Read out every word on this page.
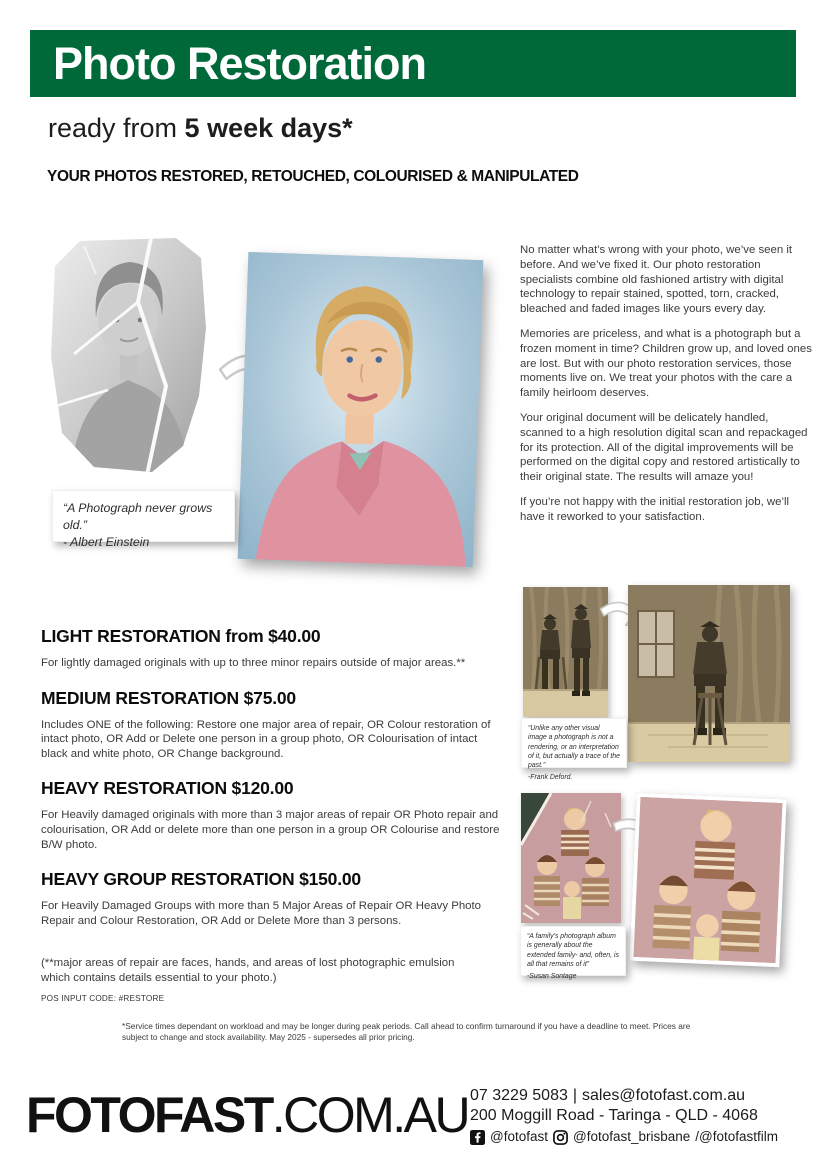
Photo Restoration
ready from 5 week days*
YOUR PHOTOS RESTORED, RETOUCHED, COLOURISED & MANIPULATED
“A Photograph never grows old.”
- Albert Einstein

No matter what’s wrong with your photo, we’ve seen it before. And we’ve fixed it. Our photo restoration specialists combine old fashioned artistry with digital technology to repair stained, spotted, torn, cracked, bleached and faded images like yours every day.

Memories are priceless, and what is a photograph but a frozen moment in time? Children grow up, and loved ones are lost. But with our photo restoration services, those moments live on. We treat your photos with the care a family heirloom deserves.

Your original document will be delicately handled, scanned to a high resolution digital scan and repackaged for its protection. All of the digital improvements will be performed on the digital copy and restored artistically to their original state. The results will amaze you!

If you’re not happy with the initial restoration job, we’ll have it reworked to your satisfaction.

LIGHT RESTORATION from $40.00
For lightly damaged originals with up to three minor repairs outside of major areas.**
MEDIUM RESTORATION $75.00
Includes ONE of the following: Restore one major area of repair, OR Colour restoration of intact photo, OR Add or Delete one person in a group photo, OR Colourisation of intact black and white photo, OR Change background.
HEAVY RESTORATION $120.00
For Heavily damaged originals with more than 3 major areas of repair OR Photo repair and colourisation, OR Add or delete more than one person in a group OR Colourise and restore B/W photo.
HEAVY GROUP RESTORATION $150.00
For Heavily Damaged Groups with more than 5 Major Areas of Repair OR Heavy Photo Repair and Colour Restoration, OR Add or Delete More than 3 persons.
(**major areas of repair are faces, hands, and areas of lost photographic emulsion which contains details essential to your photo.)
POS INPUT CODE: #RESTORE
“Unlike any other visual image a photograph is not a rendering, or an interpretation of it, but actually a trace of the past.”
-Frank Deford.
“A family’s photograph album is generally about the extended family- and, often, is all that remains of it”
-Susan Sontage
*Service times dependant on workload and may be longer during peak periods. Call ahead to confirm turnaround if you have a deadline to meet. Prices are subject to change and stock availability. May 2025 - supersedes all prior pricing.
FOTOFAST.COM.AU 07 3229 5083 | sales@fotofast.com.au
200 Moggill Road - Taringa - QLD - 4068
@fotofast @fotofast_brisbane /@fotofastfilm
